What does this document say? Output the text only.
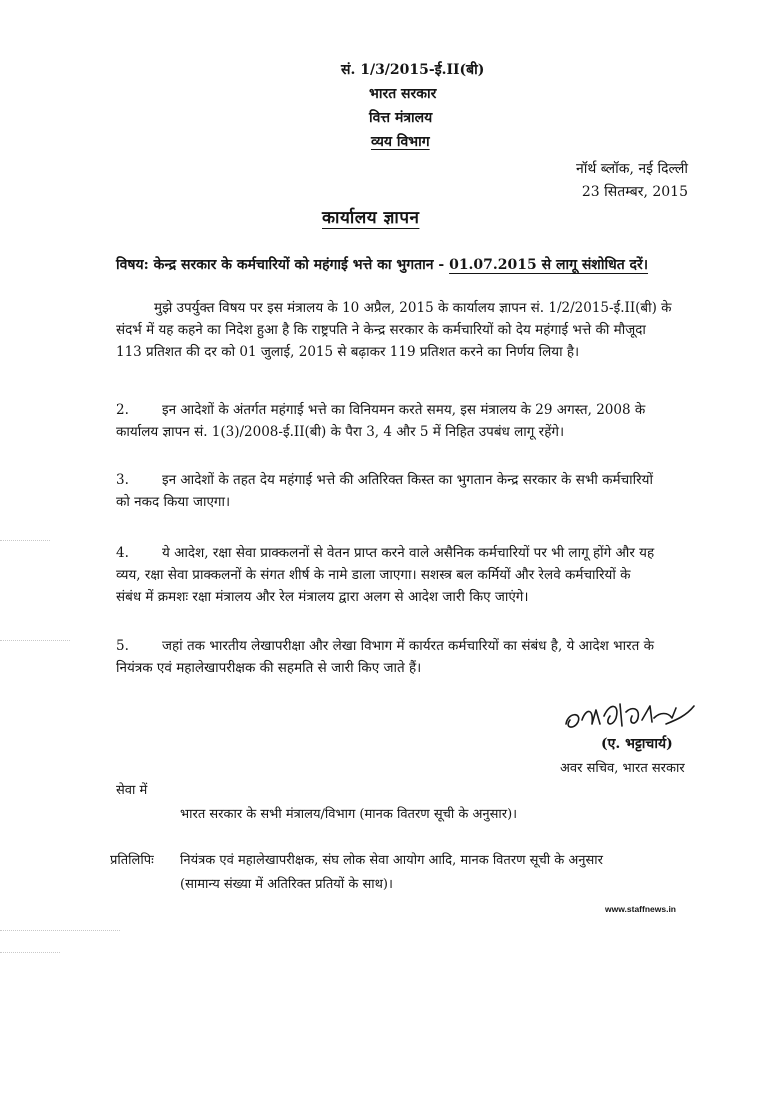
सं. 1/3/2015-ई.II(बी)
भारत सरकार
वित्त मंत्रालय
व्यय विभाग
नॉर्थ ब्लॉक, नई दिल्ली
23 सितम्बर, 2015
कार्यालय ज्ञापन
विषय: केन्द्र सरकार के कर्मचारियों को महंगाई भत्ते का भुगतान - 01.07.2015 से लागू संशोधित दरें।
मुझे उपर्युक्त विषय पर इस मंत्रालय के 10 अप्रैल, 2015 के कार्यालय ज्ञापन सं. 1/2/2015-ई.II(बी) के
संदर्भ में यह कहने का निदेश हुआ है कि राष्ट्रपति ने केन्द्र सरकार के कर्मचारियों को देय महंगाई भत्ते की मौजूदा
113 प्रतिशत की दर को 01 जुलाई, 2015 से बढ़ाकर 119 प्रतिशत करने का निर्णय लिया है।
2. इन आदेशों के अंतर्गत महंगाई भत्ते का विनियमन करते समय, इस मंत्रालय के 29 अगस्त, 2008 के
कार्यालय ज्ञापन सं. 1(3)/2008-ई.II(बी) के पैरा 3, 4 और 5 में निहित उपबंध लागू रहेंगे।
3. इन आदेशों के तहत देय महंगाई भत्ते की अतिरिक्त किस्त का भुगतान केन्द्र सरकार के सभी कर्मचारियों
को नकद किया जाएगा।
4. ये आदेश, रक्षा सेवा प्राक्कलनों से वेतन प्राप्त करने वाले असैनिक कर्मचारियों पर भी लागू होंगे और यह
व्यय, रक्षा सेवा प्राक्कलनों के संगत शीर्ष के नामे डाला जाएगा। सशस्त्र बल कर्मियों और रेलवे कर्मचारियों के
संबंध में क्रमशः रक्षा मंत्रालय और रेल मंत्रालय द्वारा अलग से आदेश जारी किए जाएंगे।
5. जहां तक भारतीय लेखापरीक्षा और लेखा विभाग में कार्यरत कर्मचारियों का संबंध है, ये आदेश भारत के
नियंत्रक एवं महालेखापरीक्षक की सहमति से जारी किए जाते हैं।
(ए. भट्टाचार्य)
अवर सचिव, भारत सरकार
सेवा में
भारत सरकार के सभी मंत्रालय/विभाग (मानक वितरण सूची के अनुसार)।
प्रतिलिपिः नियंत्रक एवं महालेखापरीक्षक, संघ लोक सेवा आयोग आदि, मानक वितरण सूची के अनुसार
(सामान्य संख्या में अतिरिक्त प्रतियों के साथ)।
www.staffnews.in
